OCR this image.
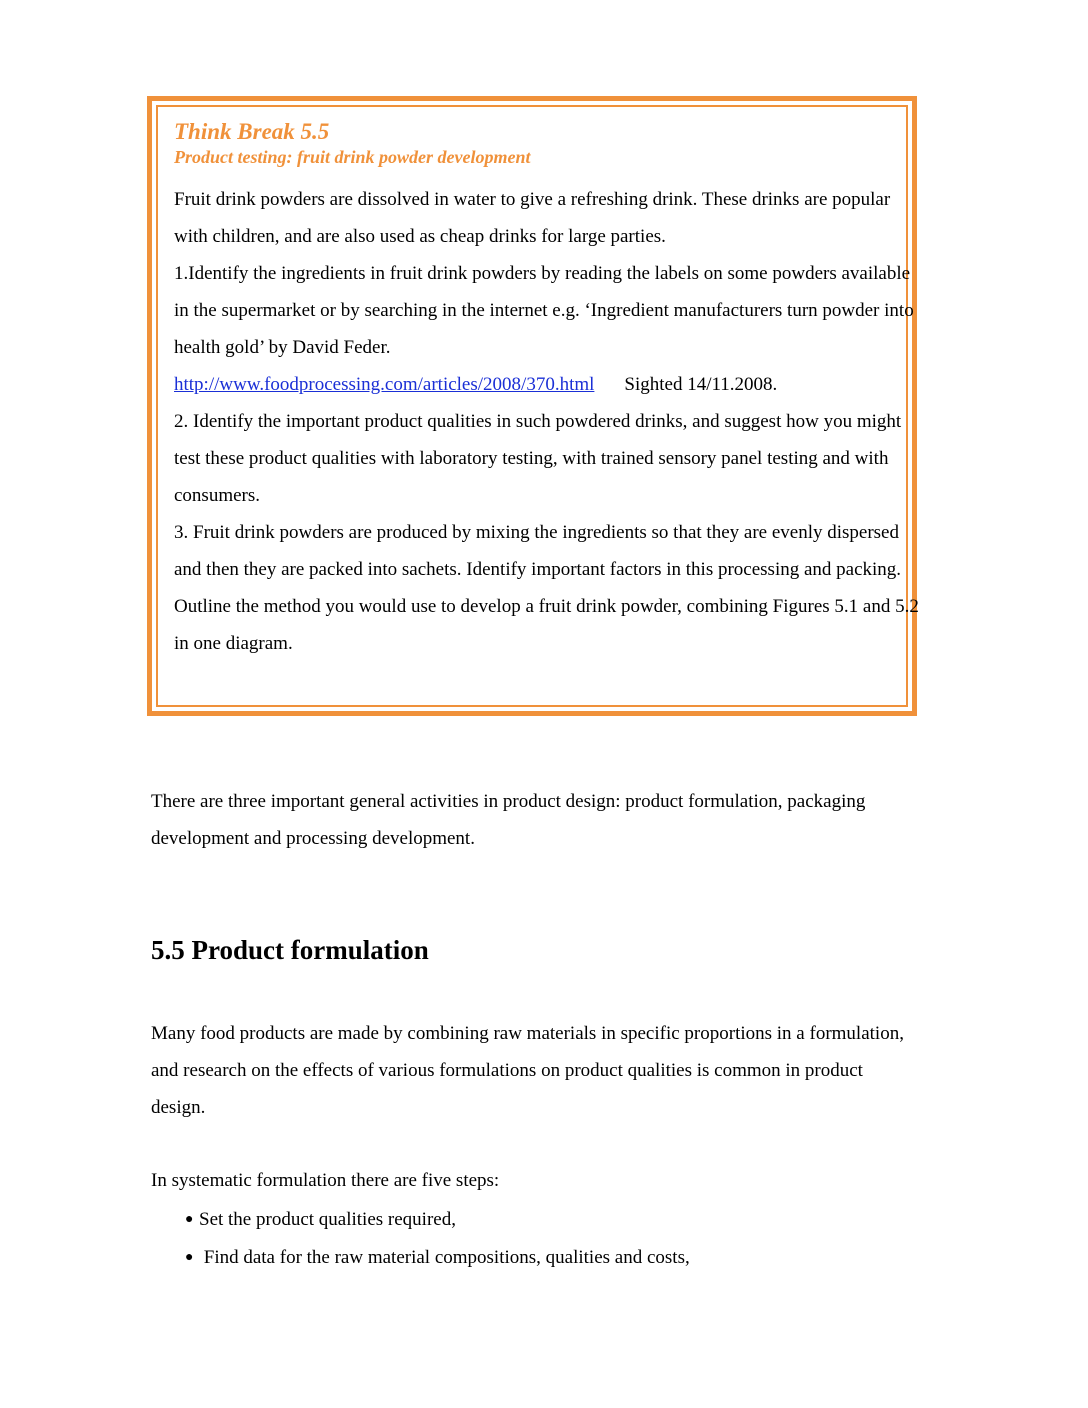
Think Break 5.5
Product testing: fruit drink powder development

Fruit drink powders are dissolved in water to give a refreshing drink. These drinks are popular with children, and are also used as cheap drinks for large parties.

1.Identify the ingredients in fruit drink powders by reading the labels on some powders available in the supermarket or by searching in the internet e.g. ‘Ingredient manufacturers turn powder into health gold’ by David Feder.

http://www.foodprocessing.com/articles/2008/370.html Sighted 14/11.2008.

2. Identify the important product qualities in such powdered drinks, and suggest how you might test these product qualities with laboratory testing, with trained sensory panel testing and with consumers.

3. Fruit drink powders are produced by mixing the ingredients so that they are evenly dispersed and then they are packed into sachets. Identify important factors in this processing and packing.

Outline the method you would use to develop a fruit drink powder, combining Figures 5.1 and 5.2 in one diagram.

There are three important general activities in product design: product formulation, packaging development and processing development.

5.5 Product formulation

Many food products are made by combining raw materials in specific proportions in a formulation, and research on the effects of various formulations on product qualities is common in product design.

In systematic formulation there are five steps:

● Set the product qualities required,
● Find data for the raw material compositions, qualities and costs,
